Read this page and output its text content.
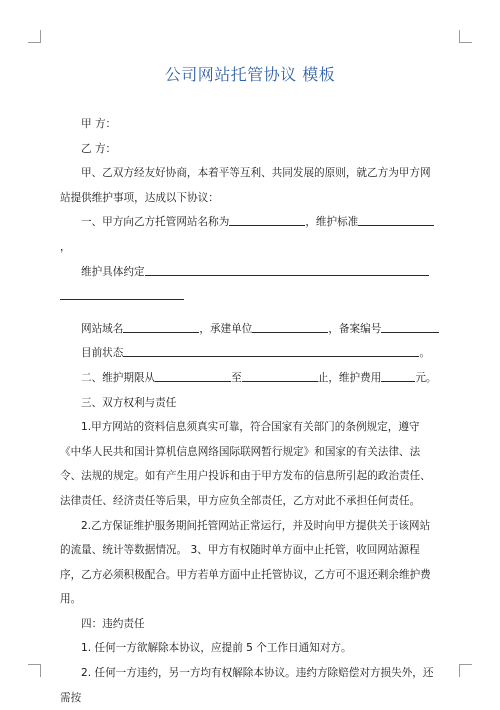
公司网站托管协议 模板

甲 方：

乙 方：

甲、乙双方经友好协商，本着平等互利、共同发展的原则，就乙方为甲方网站提供维护事项，达成以下协议：

一、甲方向乙方托管网站名称为	，维护标准，

维护具体约定

网站域名	，承建单位	，备案编号

目前状态	。

二、维护期限从	至	止，维护费用	元。

三、双方权利与责任

1.甲方网站的资料信息须真实可靠，符合国家有关部门的条例规定，遵守《中华人民共和国计算机信息网络国际联网暂行规定》和国家的有关法律、法令、法规的规定。如有产生用户投诉和由于甲方发布的信息所引起的政治责任、法律责任、经济责任等后果，甲方应负全部责任，乙方对此不承担任何责任。

2.乙方保证维护服务期间托管网站正常运行，并及时向甲方提供关于该网站的流量、统计等数据情况。 3、甲方有权随时单方面中止托管，收回网站源程序，乙方必须积极配合。甲方若单方面中止托管协议，乙方可不退还剩余维护费用。

四：违约责任

1. 任何一方欲解除本协议，应提前 5 个工作日通知对方。

2. 任何一方违约，另一方均有权解除本协议。违约方除赔偿对方损失外，还需按
